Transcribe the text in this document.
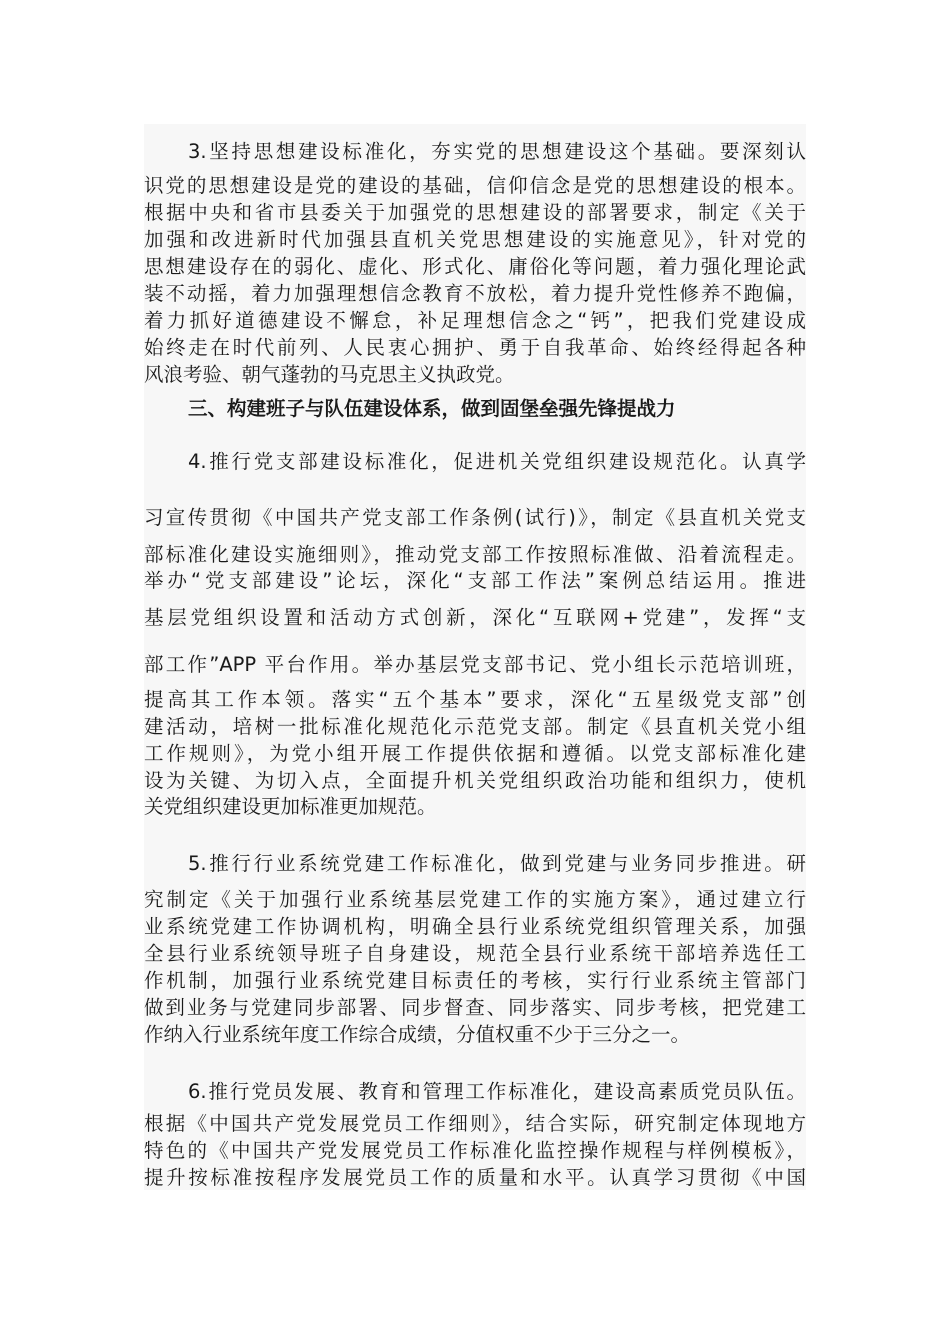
3.坚持思想建设标准化，夯实党的思想建设这个基础。要深刻认
识党的思想建设是党的建设的基础，信仰信念是党的思想建设的根本。
根据中央和省市县委关于加强党的思想建设的部署要求，制定《关于
加强和改进新时代加强县直机关党思想建设的实施意见》，针对党的
思想建设存在的弱化、虚化、形式化、庸俗化等问题，着力强化理论武
装不动摇，着力加强理想信念教育不放松，着力提升党性修养不跑偏，
着力抓好道德建设不懈怠，补足理想信念之“钙”，把我们党建设成
始终走在时代前列、人民衷心拥护、勇于自我革命、始终经得起各种
风浪考验、朝气蓬勃的马克思主义执政党。
三、构建班子与队伍建设体系，做到固堡垒强先锋提战力
4.推行党支部建设标准化，促进机关党组织建设规范化。认真学
习宣传贯彻《中国共产党支部工作条例(试行)》，制定《县直机关党支
部标准化建设实施细则》，推动党支部工作按照标准做、沿着流程走。
举办“党支部建设”论坛，深化“支部工作法”案例总结运用。推进
基层党组织设置和活动方式创新，深化“互联网+党建”，发挥“支
部工作”APP 平台作用。举办基层党支部书记、党小组长示范培训班，
提高其工作本领。落实“五个基本”要求，深化“五星级党支部”创
建活动，培树一批标准化规范化示范党支部。制定《县直机关党小组
工作规则》，为党小组开展工作提供依据和遵循。以党支部标准化建
设为关键、为切入点，全面提升机关党组织政治功能和组织力，使机
关党组织建设更加标准更加规范。
5.推行行业系统党建工作标准化，做到党建与业务同步推进。研
究制定《关于加强行业系统基层党建工作的实施方案》，通过建立行
业系统党建工作协调机构，明确全县行业系统党组织管理关系，加强
全县行业系统领导班子自身建设，规范全县行业系统干部培养选任工
作机制，加强行业系统党建目标责任的考核，实行行业系统主管部门
做到业务与党建同步部署、同步督查、同步落实、同步考核，把党建工
作纳入行业系统年度工作综合成绩，分值权重不少于三分之一。
6.推行党员发展、教育和管理工作标准化，建设高素质党员队伍。
根据《中国共产党发展党员工作细则》，结合实际，研究制定体现地方
特色的《中国共产党发展党员工作标准化监控操作规程与样例模板》，
提升按标准按程序发展党员工作的质量和水平。认真学习贯彻《中国
